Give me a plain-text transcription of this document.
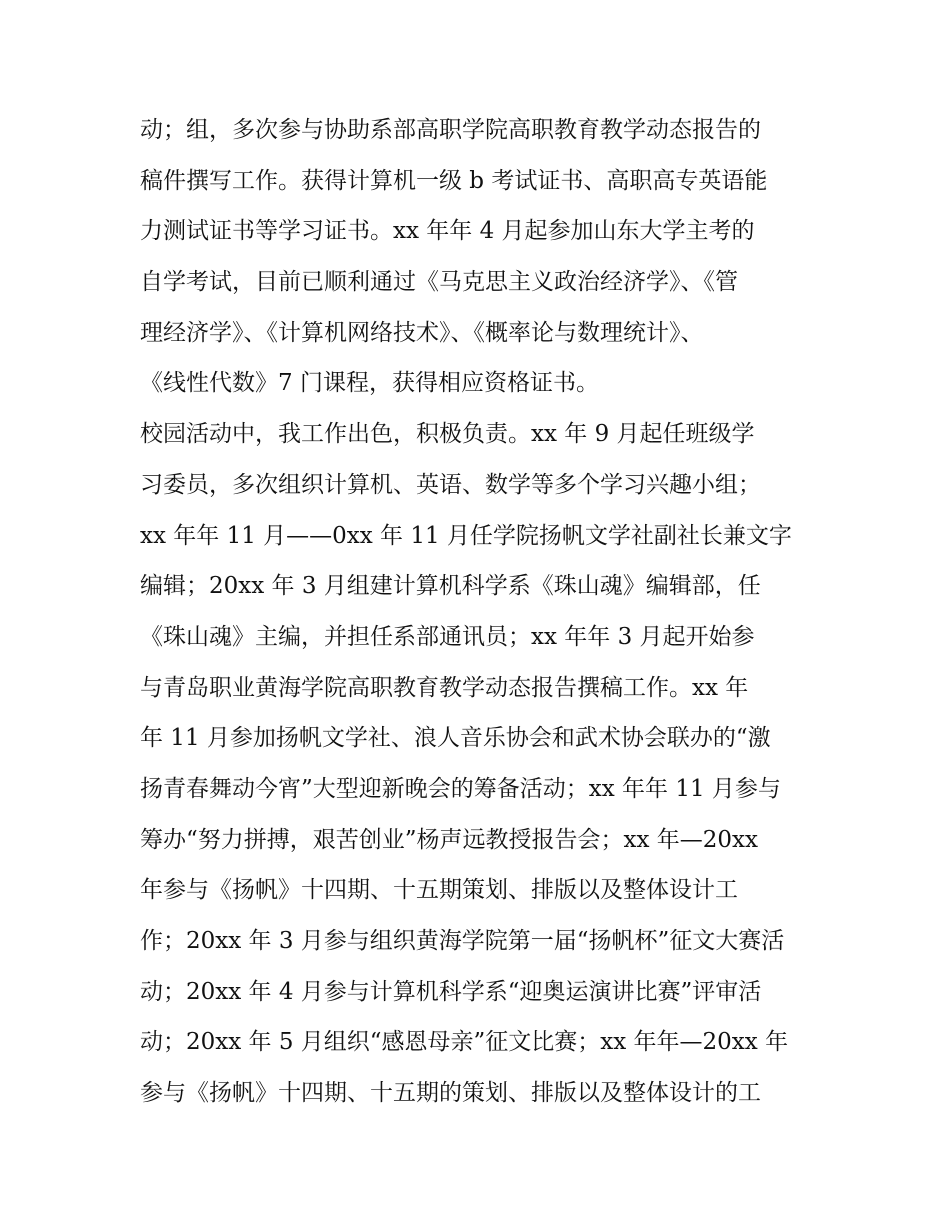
动；组，多次参与协助系部高职学院高职教育教学动态报告的
稿件撰写工作。获得计算机一级 b 考试证书、高职高专英语能
力测试证书等学习证书。xx 年年 4 月起参加山东大学主考的
自学考试，目前已顺利通过《马克思主义政治经济学》、《管
理经济学》、《计算机网络技术》、《概率论与数理统计》、
《线性代数》7 门课程，获得相应资格证书。
校园活动中，我工作出色，积极负责。xx 年 9 月起任班级学
习委员，多次组织计算机、英语、数学等多个学习兴趣小组；
xx 年年 11 月——0xx 年 11 月任学院扬帆文学社副社长兼文字
编辑；20xx 年 3 月组建计算机科学系《珠山魂》编辑部，任
《珠山魂》主编，并担任系部通讯员；xx 年年 3 月起开始参
与青岛职业黄海学院高职教育教学动态报告撰稿工作。xx 年
年 11 月参加扬帆文学社、浪人音乐协会和武术协会联办的“激
扬青春舞动今宵”大型迎新晚会的筹备活动；xx 年年 11 月参与
筹办“努力拼搏，艰苦创业”杨声远教授报告会；xx 年—20xx
年参与《扬帆》十四期、十五期策划、排版以及整体设计工
作；20xx 年 3 月参与组织黄海学院第一届“扬帆杯”征文大赛活
动；20xx 年 4 月参与计算机科学系“迎奥运演讲比赛”评审活
动；20xx 年 5 月组织“感恩母亲”征文比赛；xx 年年—20xx 年
参与《扬帆》十四期、十五期的策划、排版以及整体设计的工
